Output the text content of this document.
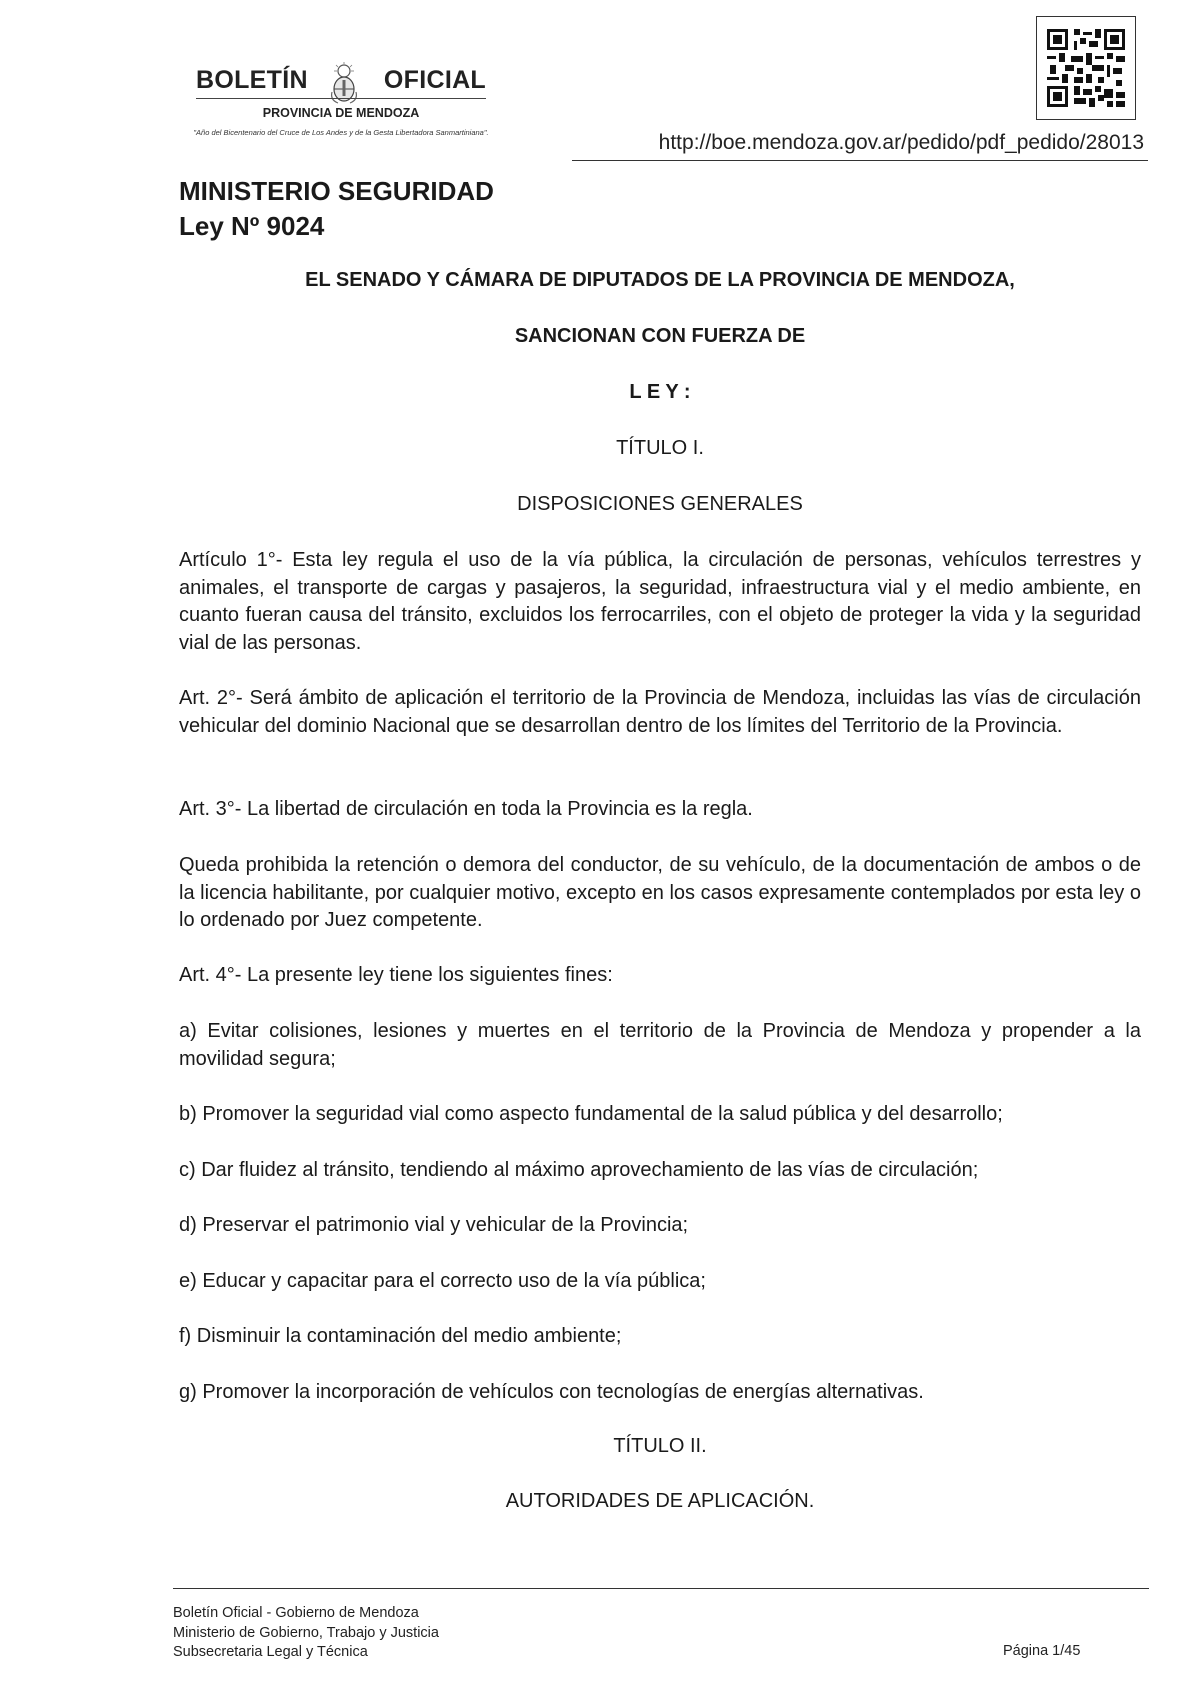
BOLETÍN	OFICIAL
PROVINCIA DE MENDOZA
"Año del Bicentenario del Cruce de Los Andes y de la Gesta Libertadora Sanmartiniana".	http://boe.mendoza.gov.ar/pedido/pdf_pedido/28013
MINISTERIO SEGURIDAD
Ley Nº 9024
EL SENADO Y CÁMARA DE DIPUTADOS DE LA PROVINCIA DE MENDOZA,
SANCIONAN CON FUERZA DE
L E Y :
TÍTULO I.
DISPOSICIONES GENERALES
Artículo 1°- Esta ley regula el uso de la vía pública, la circulación de personas, vehículos terrestres y animales, el transporte de cargas y pasajeros, la seguridad, infraestructura vial y el medio ambiente, en cuanto fueran causa del tránsito, excluidos los ferrocarriles, con el objeto de proteger la vida y la seguridad vial de las personas.
Art. 2°- Será ámbito de aplicación el territorio de la Provincia de Mendoza, incluidas las vías de circulación vehicular del dominio Nacional que se desarrollan dentro de los límites del Territorio de la Provincia.
Art. 3°- La libertad de circulación en toda la Provincia es la regla.
Queda prohibida la retención o demora del conductor, de su vehículo, de la documentación de ambos o de la licencia habilitante, por cualquier motivo, excepto en los casos expresamente contemplados por esta ley o lo ordenado por Juez competente.
Art. 4°- La presente ley tiene los siguientes fines:
a) Evitar colisiones, lesiones y muertes en el territorio de la Provincia de Mendoza y propender a la movilidad segura;
b) Promover la seguridad vial como aspecto fundamental de la salud pública y del desarrollo;
c) Dar fluidez al tránsito, tendiendo al máximo aprovechamiento de las vías de circulación;
d) Preservar el patrimonio vial y vehicular de la Provincia;
e) Educar y capacitar para el correcto uso de la vía pública;
f) Disminuir la contaminación del medio ambiente;
g) Promover la incorporación de vehículos con tecnologías de energías alternativas.
TÍTULO II.
AUTORIDADES DE APLICACIÓN.
Boletín Oficial - Gobierno de Mendoza
Ministerio de Gobierno, Trabajo y Justicia
Subsecretaria Legal y Técnica	Página 1/45
